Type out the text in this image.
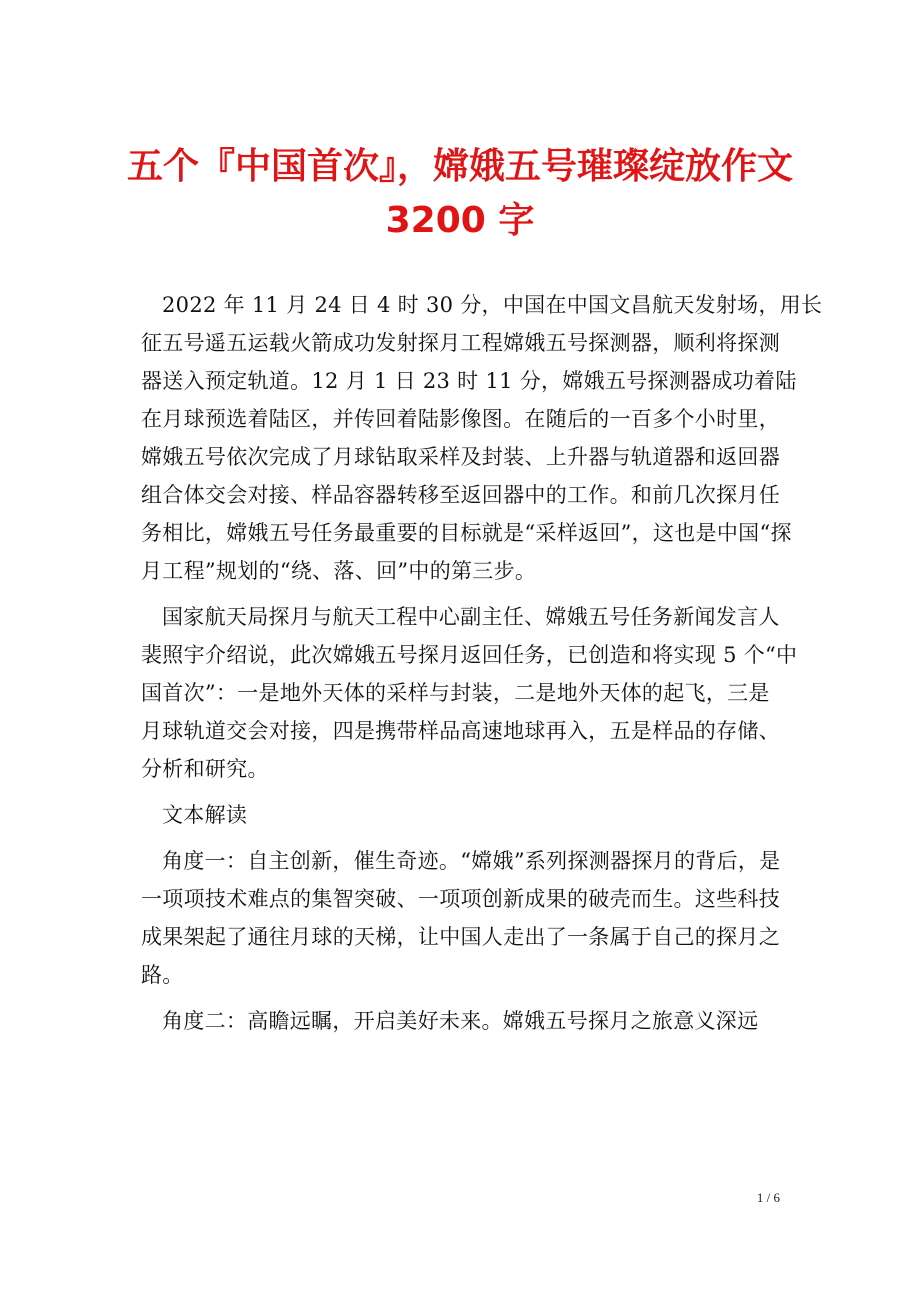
五个『中国首次』，嫦娥五号璀璨绽放作文
3200 字

2022 年 11 月 24 日 4 时 30 分，中国在中国文昌航天发射场，用长
征五号遥五运载火箭成功发射探月工程嫦娥五号探测器，顺利将探测
器送入预定轨道。12 月 1 日 23 时 11 分，嫦娥五号探测器成功着陆
在月球预选着陆区，并传回着陆影像图。在随后的一百多个小时里，
嫦娥五号依次完成了月球钻取采样及封装、上升器与轨道器和返回器
组合体交会对接、样品容器转移至返回器中的工作。和前几次探月任
务相比，嫦娥五号任务最重要的目标就是“采样返回”，这也是中国“探
月工程”规划的“绕、落、回”中的第三步。

国家航天局探月与航天工程中心副主任、嫦娥五号任务新闻发言人
裴照宇介绍说，此次嫦娥五号探月返回任务，已创造和将实现 5 个“中
国首次”：一是地外天体的采样与封装，二是地外天体的起飞，三是
月球轨道交会对接，四是携带样品高速地球再入，五是样品的存储、
分析和研究。

文本解读

角度一：自主创新，催生奇迹。“嫦娥”系列探测器探月的背后，是
一项项技术难点的集智突破、一项项创新成果的破壳而生。这些科技
成果架起了通往月球的天梯，让中国人走出了一条属于自己的探月之
路。

角度二：高瞻远瞩，开启美好未来。嫦娥五号探月之旅意义深远

1 / 6
